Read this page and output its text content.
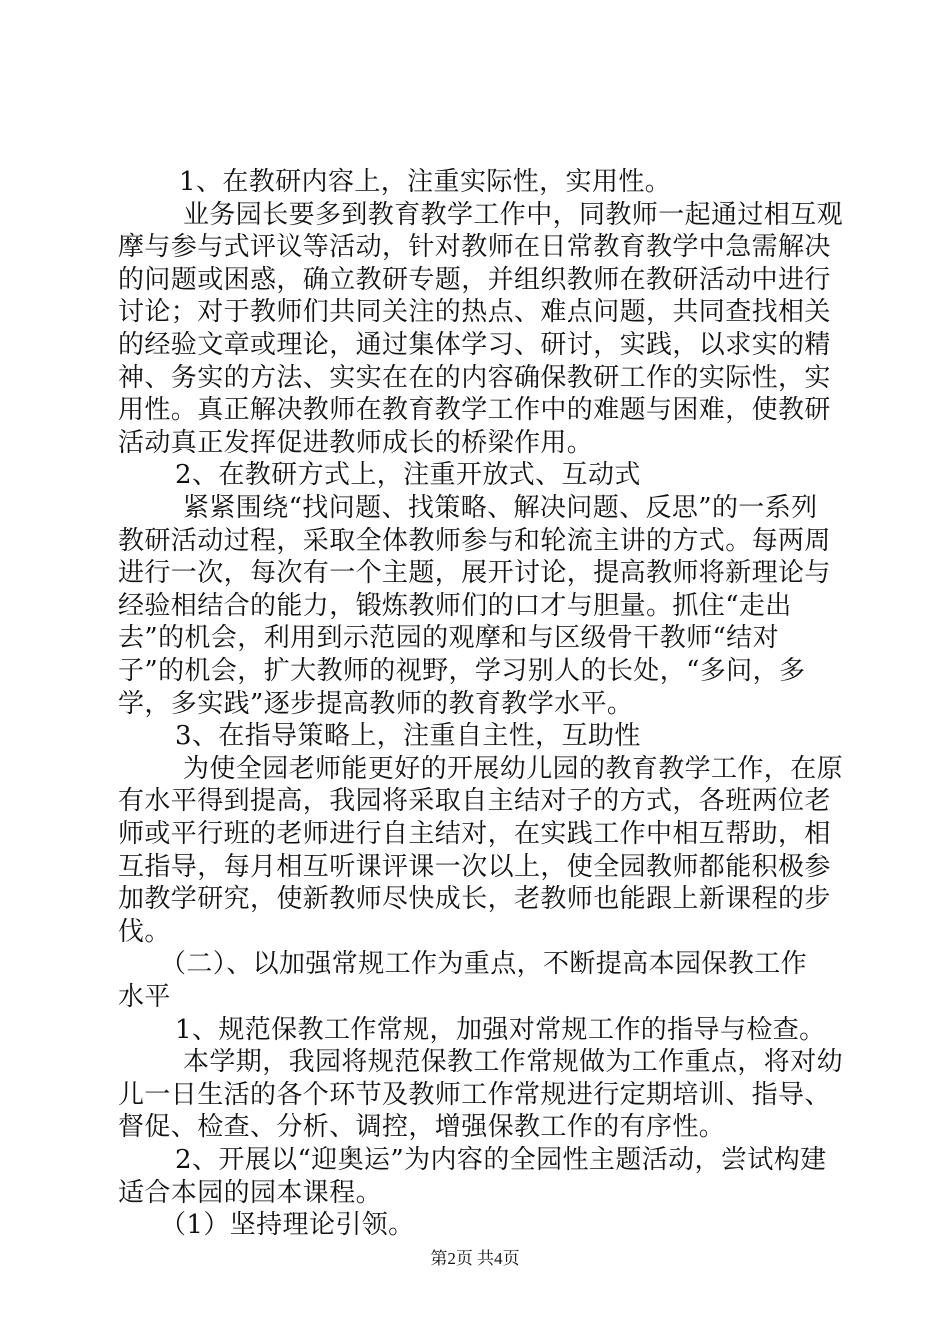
1、在教研内容上，注重实际性，实用性。

业务园长要多到教育教学工作中，同教师一起通过相互观

摩与参与式评议等活动，针对教师在日常教育教学中急需解决

的问题或困惑，确立教研专题，并组织教师在教研活动中进行

讨论；对于教师们共同关注的热点、难点问题，共同查找相关

的经验文章或理论，通过集体学习、研讨，实践，以求实的精

神、务实的方法、实实在在的内容确保教研工作的实际性，实

用性。真正解决教师在教育教学工作中的难题与困难，使教研

活动真正发挥促进教师成长的桥梁作用。

2、在教研方式上，注重开放式、互动式

紧紧围绕“找问题、找策略、解决问题、反思”的一系列

教研活动过程，采取全体教师参与和轮流主讲的方式。每两周

进行一次，每次有一个主题，展开讨论，提高教师将新理论与

经验相结合的能力，锻炼教师们的口才与胆量。抓住“走出

去”的机会，利用到示范园的观摩和与区级骨干教师“结对

子”的机会，扩大教师的视野，学习别人的长处，“多问，多

学，多实践”逐步提高教师的教育教学水平。

3、在指导策略上，注重自主性，互助性

为使全园老师能更好的开展幼儿园的教育教学工作，在原

有水平得到提高，我园将采取自主结对子的方式，各班两位老

师或平行班的老师进行自主结对，在实践工作中相互帮助，相

互指导，每月相互听课评课一次以上，使全园教师都能积极参

加教学研究，使新教师尽快成长，老教师也能跟上新课程的步

伐。

（二）、以加强常规工作为重点，不断提高本园保教工作

水平

1、规范保教工作常规，加强对常规工作的指导与检查。

本学期，我园将规范保教工作常规做为工作重点，将对幼

儿一日生活的各个环节及教师工作常规进行定期培训、指导、

督促、检查、分析、调控，增强保教工作的有序性。

2、开展以“迎奥运”为内容的全园性主题活动，尝试构建

适合本园的园本课程。

（1）坚持理论引领。

第2页 共4页
